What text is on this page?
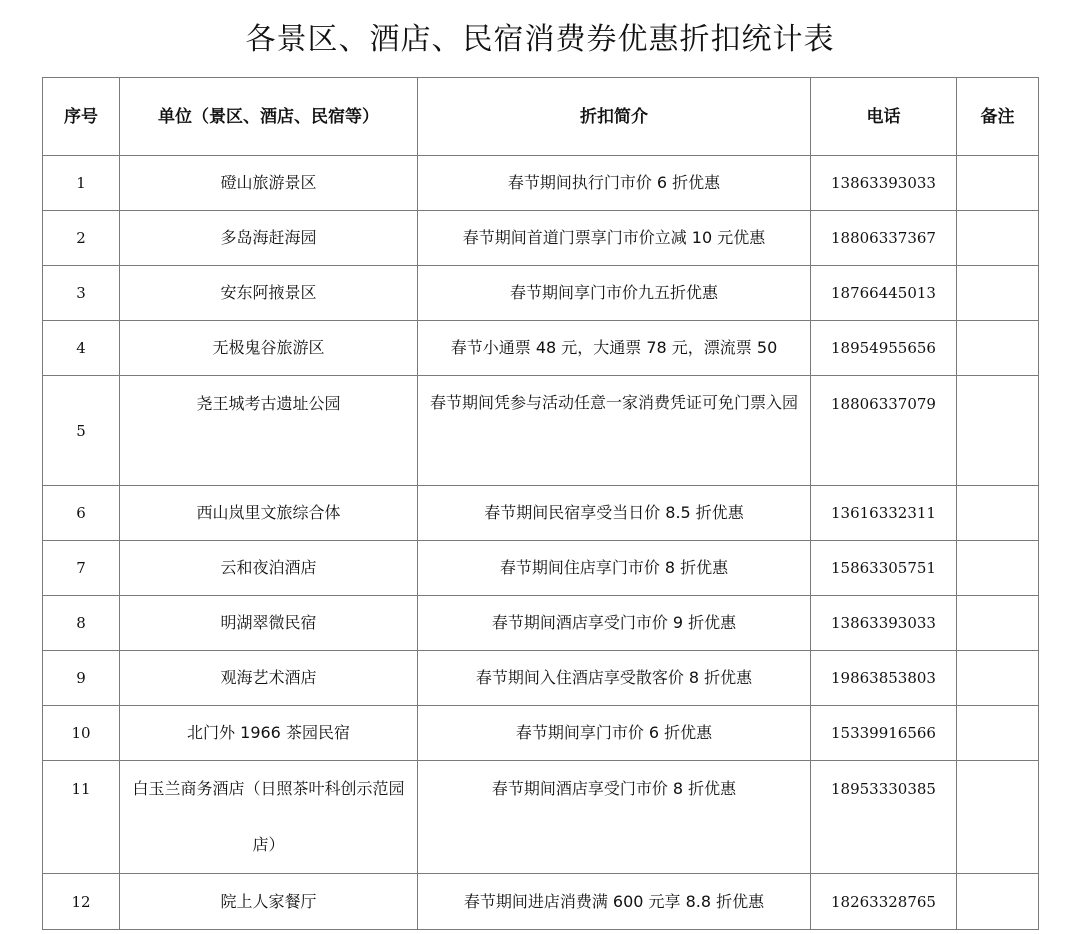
各景区、酒店、民宿消费券优惠折扣统计表
序号	单位（景区、酒店、民宿等）	折扣简介	电话	备注
1	磴山旅游景区	春节期间执行门市价 6 折优惠	13863393033	
2	多岛海赶海园	春节期间首道门票享门市价立减 10 元优惠	18806337367	
3	安东阿掖景区	春节期间享门市价九五折优惠	18766445013	
4	无极鬼谷旅游区	春节小通票 48 元，大通票 78 元，漂流票 50	18954955656	
5	尧王城考古遗址公园	春节期间凭参与活动任意一家消费凭证可免门票入园	18806337079	
6	西山岚里文旅综合体	春节期间民宿享受当日价 8.5 折优惠	13616332311	
7	云和夜泊酒店	春节期间住店享门市价 8 折优惠	15863305751	
8	明湖翠微民宿	春节期间酒店享受门市价 9 折优惠	13863393033	
9	观海艺术酒店	春节期间入住酒店享受散客价 8 折优惠	19863853803	
10	北门外 1966 茶园民宿	春节期间享门市价 6 折优惠	15339916566	
11	白玉兰商务酒店（日照茶叶科创示范园店）	春节期间酒店享受门市价 8 折优惠	18953330385	
12	院上人家餐厅	春节期间进店消费满 600 元享 8.8 折优惠	18263328765	
